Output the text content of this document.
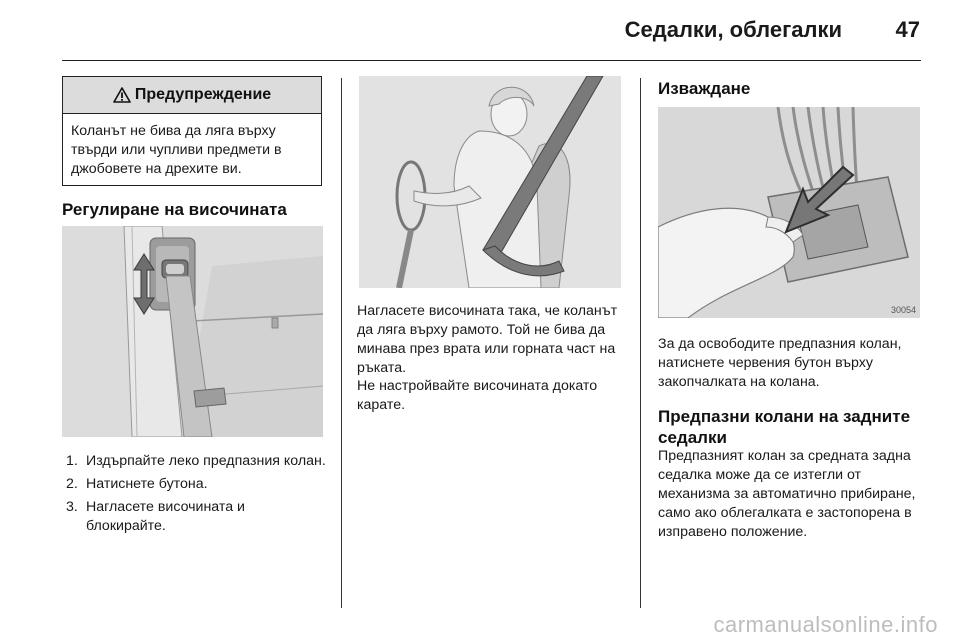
Седалки, облегалки 47
Предупреждение
Коланът не бива да ляга върху твърди или чупливи предмети в джобовете на дрехите ви.
Регулиране на височината
1. Издърпайте леко предпазния колан.
2. Натиснете бутона.
3. Нагласете височината и блокирайте.
Нагласете височината така, че коланът да ляга върху рамото. Той не бива да минава през врата или горната част на ръката.
Не настройвайте височината докато карате.
Изваждане
30054
За да освободите предпазния колан, натиснете червения бутон върху закопчалката на колана.
Предпазни колани на задните седалки
Предпазният колан за средната задна седалка може да се изтегли от механизма за автоматично прибиране, само ако облегалката е застопорена в изправено положение.
carmanualsonline.info
